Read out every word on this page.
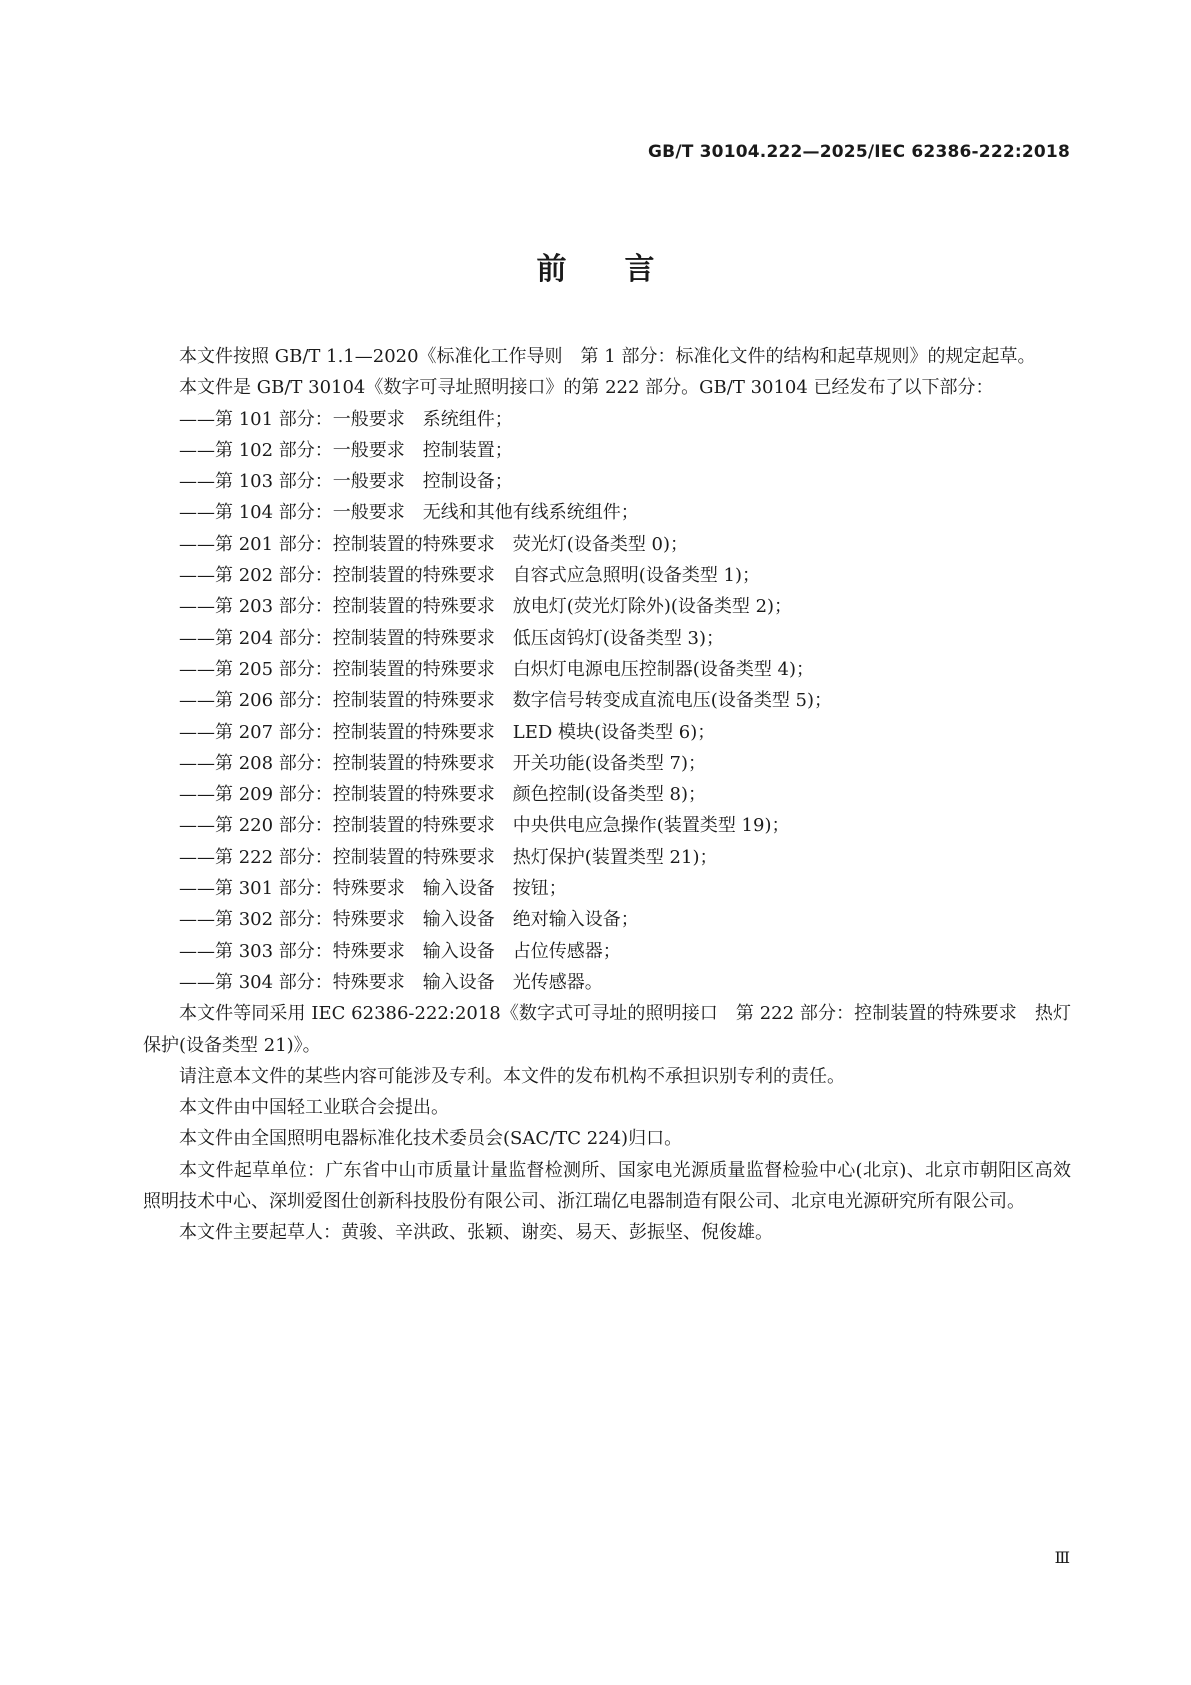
GB/T 30104.222—2025/IEC 62386-222:2018
前言

本文件按照 GB/T 1.1—2020《标准化工作导则　第 1 部分：标准化文件的结构和起草规则》的规定起草。

本文件是 GB/T 30104《数字可寻址照明接口》的第 222 部分。GB/T 30104 已经发布了以下部分：

——第 101 部分：一般要求　系统组件；

——第 102 部分：一般要求　控制装置；

——第 103 部分：一般要求　控制设备；

——第 104 部分：一般要求　无线和其他有线系统组件；

——第 201 部分：控制装置的特殊要求　荧光灯(设备类型 0)；

——第 202 部分：控制装置的特殊要求　自容式应急照明(设备类型 1)；

——第 203 部分：控制装置的特殊要求　放电灯(荧光灯除外)(设备类型 2)；

——第 204 部分：控制装置的特殊要求　低压卤钨灯(设备类型 3)；

——第 205 部分：控制装置的特殊要求　白炽灯电源电压控制器(设备类型 4)；

——第 206 部分：控制装置的特殊要求　数字信号转变成直流电压(设备类型 5)；

——第 207 部分：控制装置的特殊要求　LED 模块(设备类型 6)；

——第 208 部分：控制装置的特殊要求　开关功能(设备类型 7)；

——第 209 部分：控制装置的特殊要求　颜色控制(设备类型 8)；

——第 220 部分：控制装置的特殊要求　中央供电应急操作(装置类型 19)；

——第 222 部分：控制装置的特殊要求　热灯保护(装置类型 21)；

——第 301 部分：特殊要求　输入设备　按钮；

——第 302 部分：特殊要求　输入设备　绝对输入设备；

——第 303 部分：特殊要求　输入设备　占位传感器；

——第 304 部分：特殊要求　输入设备　光传感器。

本文件等同采用 IEC 62386-222:2018《数字式可寻址的照明接口　第 222 部分：控制装置的特殊要求　热灯保护(设备类型 21)》。

请注意本文件的某些内容可能涉及专利。本文件的发布机构不承担识别专利的责任。

本文件由中国轻工业联合会提出。

本文件由全国照明电器标准化技术委员会(SAC/TC 224)归口。

本文件起草单位：广东省中山市质量计量监督检测所、国家电光源质量监督检验中心(北京)、北京市朝阳区高效照明技术中心、深圳爱图仕创新科技股份有限公司、浙江瑞亿电器制造有限公司、北京电光源研究所有限公司。

本文件主要起草人：黄骏、辛洪政、张颖、谢奕、易天、彭振坚、倪俊雄。

Ⅲ
